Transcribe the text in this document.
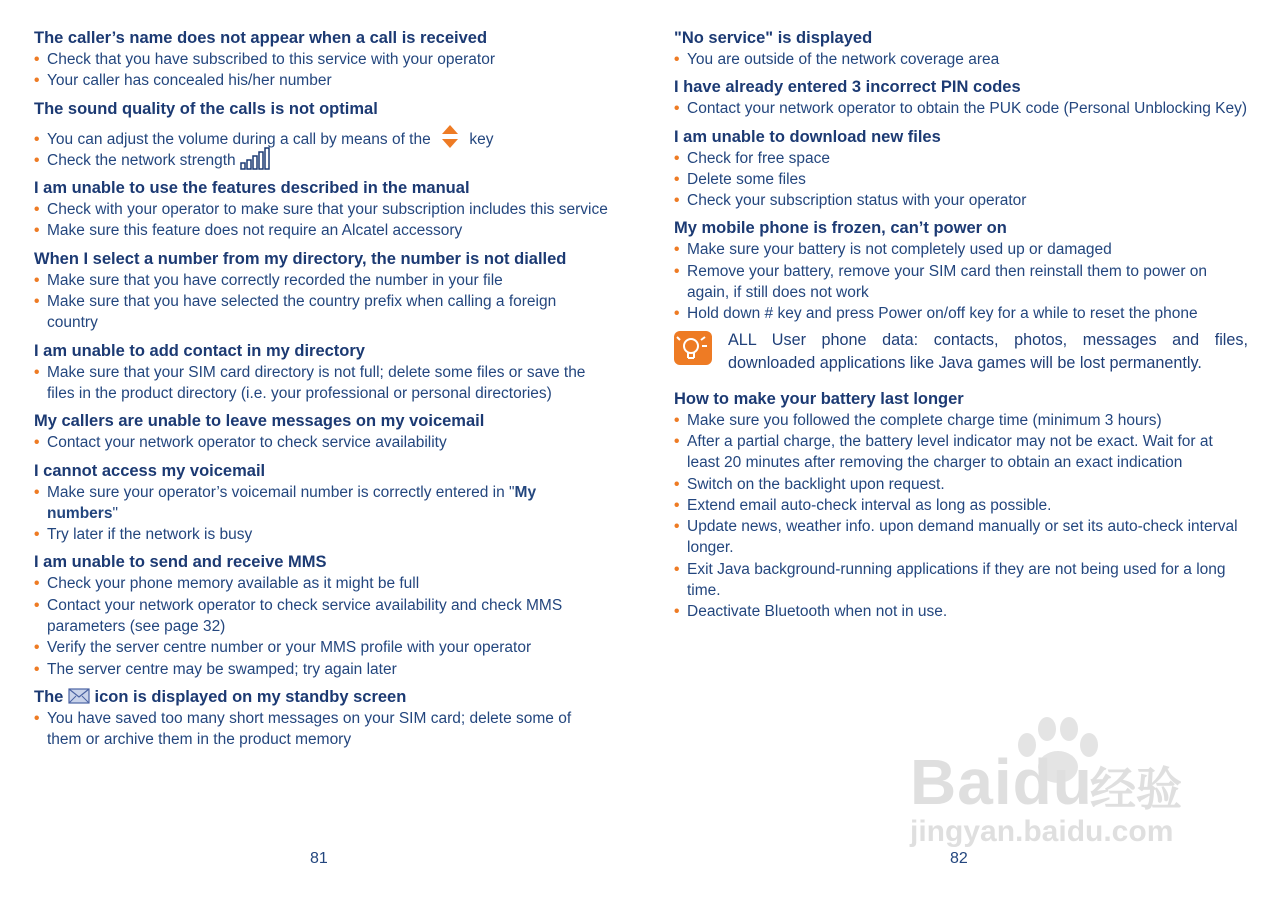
The caller’s name does not appear when a call is received

• Check that you have subscribed to this service with your operator
• Your caller has concealed his/her number

The sound quality of the calls is not optimal

• You can adjust the volume during a call by means of the key
• Check the network strength

I am unable to use the features described in the manual

• Check with your operator to make sure that your subscription includes this service
• Make sure this feature does not require an Alcatel accessory

When I select a number from my directory, the number is not dialled

• Make sure that you have correctly recorded the number in your file
• Make sure that you have selected the country prefix when calling a foreign country

I am unable to add contact in my directory

• Make sure that your SIM card directory is not full; delete some files or save the files in the product directory (i.e. your professional or personal directories)

My callers are unable to leave messages on my voicemail

• Contact your network operator to check service availability

I cannot access my voicemail

• Make sure your operator’s voicemail number is correctly entered in "My numbers"
• Try later if the network is busy

I am unable to send and receive MMS

• Check your phone memory available as it might be full
• Contact your network operator to check service availability and check MMS parameters (see page 32)
• Verify the server centre number or your MMS profile with your operator
• The server centre may be swamped; try again later

The icon is displayed on my standby screen

• You have saved too many short messages on your SIM card; delete some of them or archive them in the product memory
81

"No service" is displayed

• You are outside of the network coverage area

I have already entered 3 incorrect PIN codes

• Contact your network operator to obtain the PUK code (Personal Unblocking Key)

I am unable to download new files

• Check for free space
• Delete some files
• Check your subscription status with your operator

My mobile phone is frozen, can’t power on

• Make sure your battery is not completely used up or damaged
• Remove your battery, remove your SIM card then reinstall them to power on again, if still does not work
• Hold down # key and press Power on/off key for a while to reset the phone
ALL User phone data: contacts, photos, messages and files, downloaded applications like Java games will be lost permanently.

How to make your battery last longer

• Make sure you followed the complete charge time (minimum 3 hours)
• After a partial charge, the battery level indicator may not be exact. Wait for at least 20 minutes after removing the charger to obtain an exact indication
• Switch on the backlight upon request.
• Extend email auto-check interval as long as possible.
• Update news, weather info. upon demand manually or set its auto-check interval longer.
• Exit Java background-running applications if they are not being used for a long time.
• Deactivate Bluetooth when not in use.
82
Baidu
经验
jingyan.baidu.com
